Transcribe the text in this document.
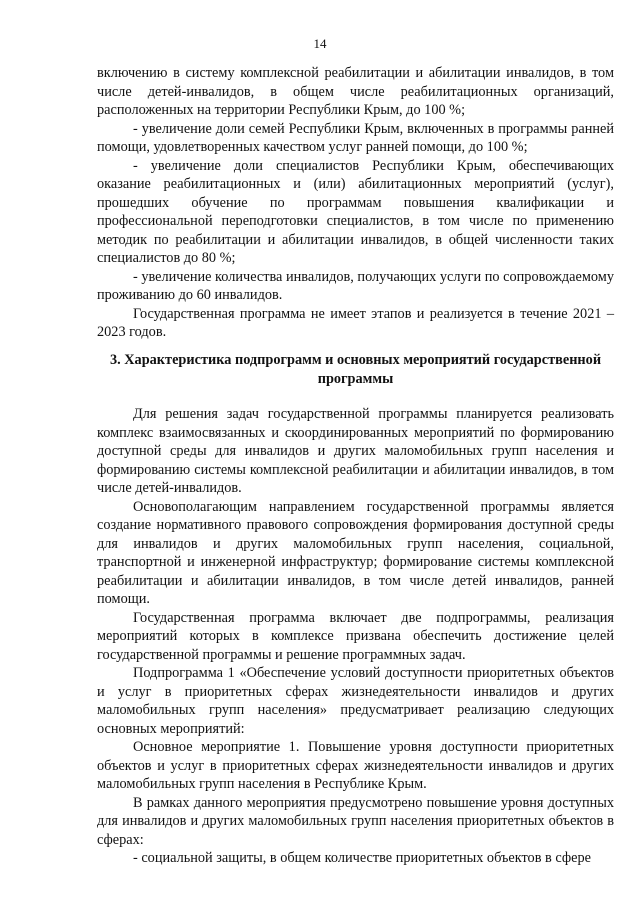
14

включению в систему комплексной реабилитации и абилитации инвалидов, в том числе детей-инвалидов, в общем числе реабилитационных организаций, расположенных на территории Республики Крым, до 100 %;

- увеличение доли семей Республики Крым, включенных в программы ранней помощи, удовлетворенных качеством услуг ранней помощи, до 100 %;

- увеличение доли специалистов Республики Крым, обеспечивающих оказание реабилитационных и (или) абилитационных мероприятий (услуг), прошедших обучение по программам повышения квалификации и профессиональной переподготовки специалистов, в том числе по применению методик по реабилитации и абилитации инвалидов, в общей численности таких специалистов до 80 %;

- увеличение количества инвалидов, получающих услуги по сопровождаемому проживанию до 60 инвалидов.

Государственная программа не имеет этапов и реализуется в течение 2021 – 2023 годов.

3. Характеристика подпрограмм и основных мероприятий государственной программы

Для решения задач государственной программы планируется реализовать комплекс взаимосвязанных и скоординированных мероприятий по формированию доступной среды для инвалидов и других маломобильных групп населения и формированию системы комплексной реабилитации и абилитации инвалидов, в том числе детей-инвалидов.

Основополагающим направлением государственной программы является создание нормативного правового сопровождения формирования доступной среды для инвалидов и других маломобильных групп населения, социальной, транспортной и инженерной инфраструктур; формирование системы комплексной реабилитации и абилитации инвалидов, в том числе детей инвалидов, ранней помощи.

Государственная программа включает две подпрограммы, реализация мероприятий которых в комплексе призвана обеспечить достижение целей государственной программы и решение программных задач.

Подпрограмма 1 «Обеспечение условий доступности приоритетных объектов и услуг в приоритетных сферах жизнедеятельности инвалидов и других маломобильных групп населения» предусматривает реализацию следующих основных мероприятий:

Основное мероприятие 1. Повышение уровня доступности приоритетных объектов и услуг в приоритетных сферах жизнедеятельности инвалидов и других маломобильных групп населения в Республике Крым.

В рамках данного мероприятия предусмотрено повышение уровня доступных для инвалидов и других маломобильных групп населения приоритетных объектов в сферах:

- социальной защиты, в общем количестве приоритетных объектов в сфере
